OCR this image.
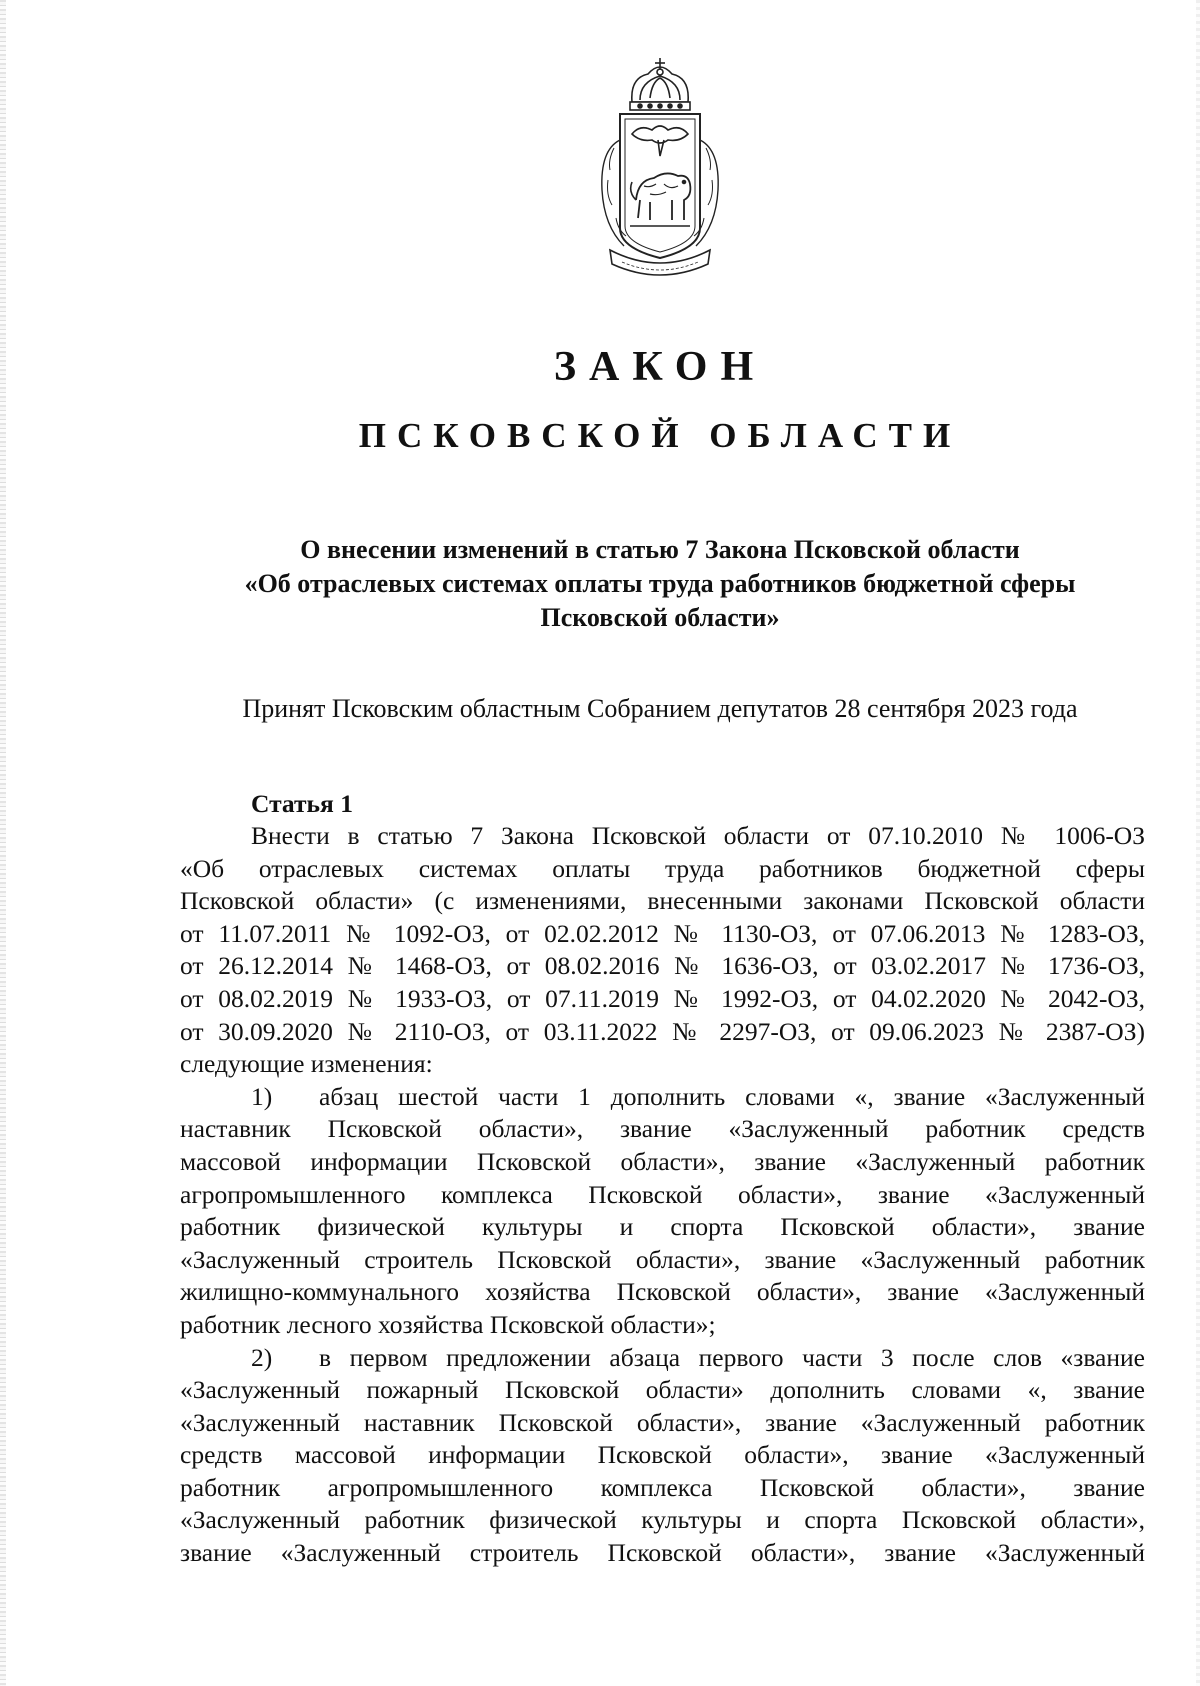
ЗАКОН
ПСКОВСКОЙ ОБЛАСТИ
О внесении изменений в статью 7 Закона Псковской области
«Об отраслевых системах оплаты труда работников бюджетной сферы
Псковской области»
Принят Псковским областным Собранием депутатов 28 сентября 2023 года
Статья 1
Внести в статью 7 Закона Псковской области от 07.10.2010 № 1006-ОЗ
«Об отраслевых системах оплаты труда работников бюджетной сферы
Псковской области» (с изменениями, внесенными законами Псковской области
от 11.07.2011 № 1092-ОЗ, от 02.02.2012 № 1130-ОЗ, от 07.06.2013 № 1283-ОЗ,
от 26.12.2014 № 1468-ОЗ, от 08.02.2016 № 1636-ОЗ, от 03.02.2017 № 1736-ОЗ,
от 08.02.2019 № 1933-ОЗ, от 07.11.2019 № 1992-ОЗ, от 04.02.2020 № 2042-ОЗ,
от 30.09.2020 № 2110-ОЗ, от 03.11.2022 № 2297-ОЗ, от 09.06.2023 № 2387-ОЗ)
следующие изменения:
1)	абзац шестой части 1 дополнить словами «, звание «Заслуженный
наставник Псковской области», звание «Заслуженный работник средств
массовой информации Псковской области», звание «Заслуженный работник
агропромышленного комплекса Псковской области», звание «Заслуженный
работник физической культуры и спорта Псковской области», звание
«Заслуженный строитель Псковской области», звание «Заслуженный работник
жилищно-коммунального хозяйства Псковской области», звание «Заслуженный
работник лесного хозяйства Псковской области»;
2)	в первом предложении абзаца первого части 3 после слов «звание
«Заслуженный пожарный Псковской области» дополнить словами «, звание
«Заслуженный наставник Псковской области», звание «Заслуженный работник
средств массовой информации Псковской области», звание «Заслуженный
работник агропромышленного комплекса Псковской области», звание
«Заслуженный работник физической культуры и спорта Псковской области»,
звание «Заслуженный строитель Псковской области», звание «Заслуженный
